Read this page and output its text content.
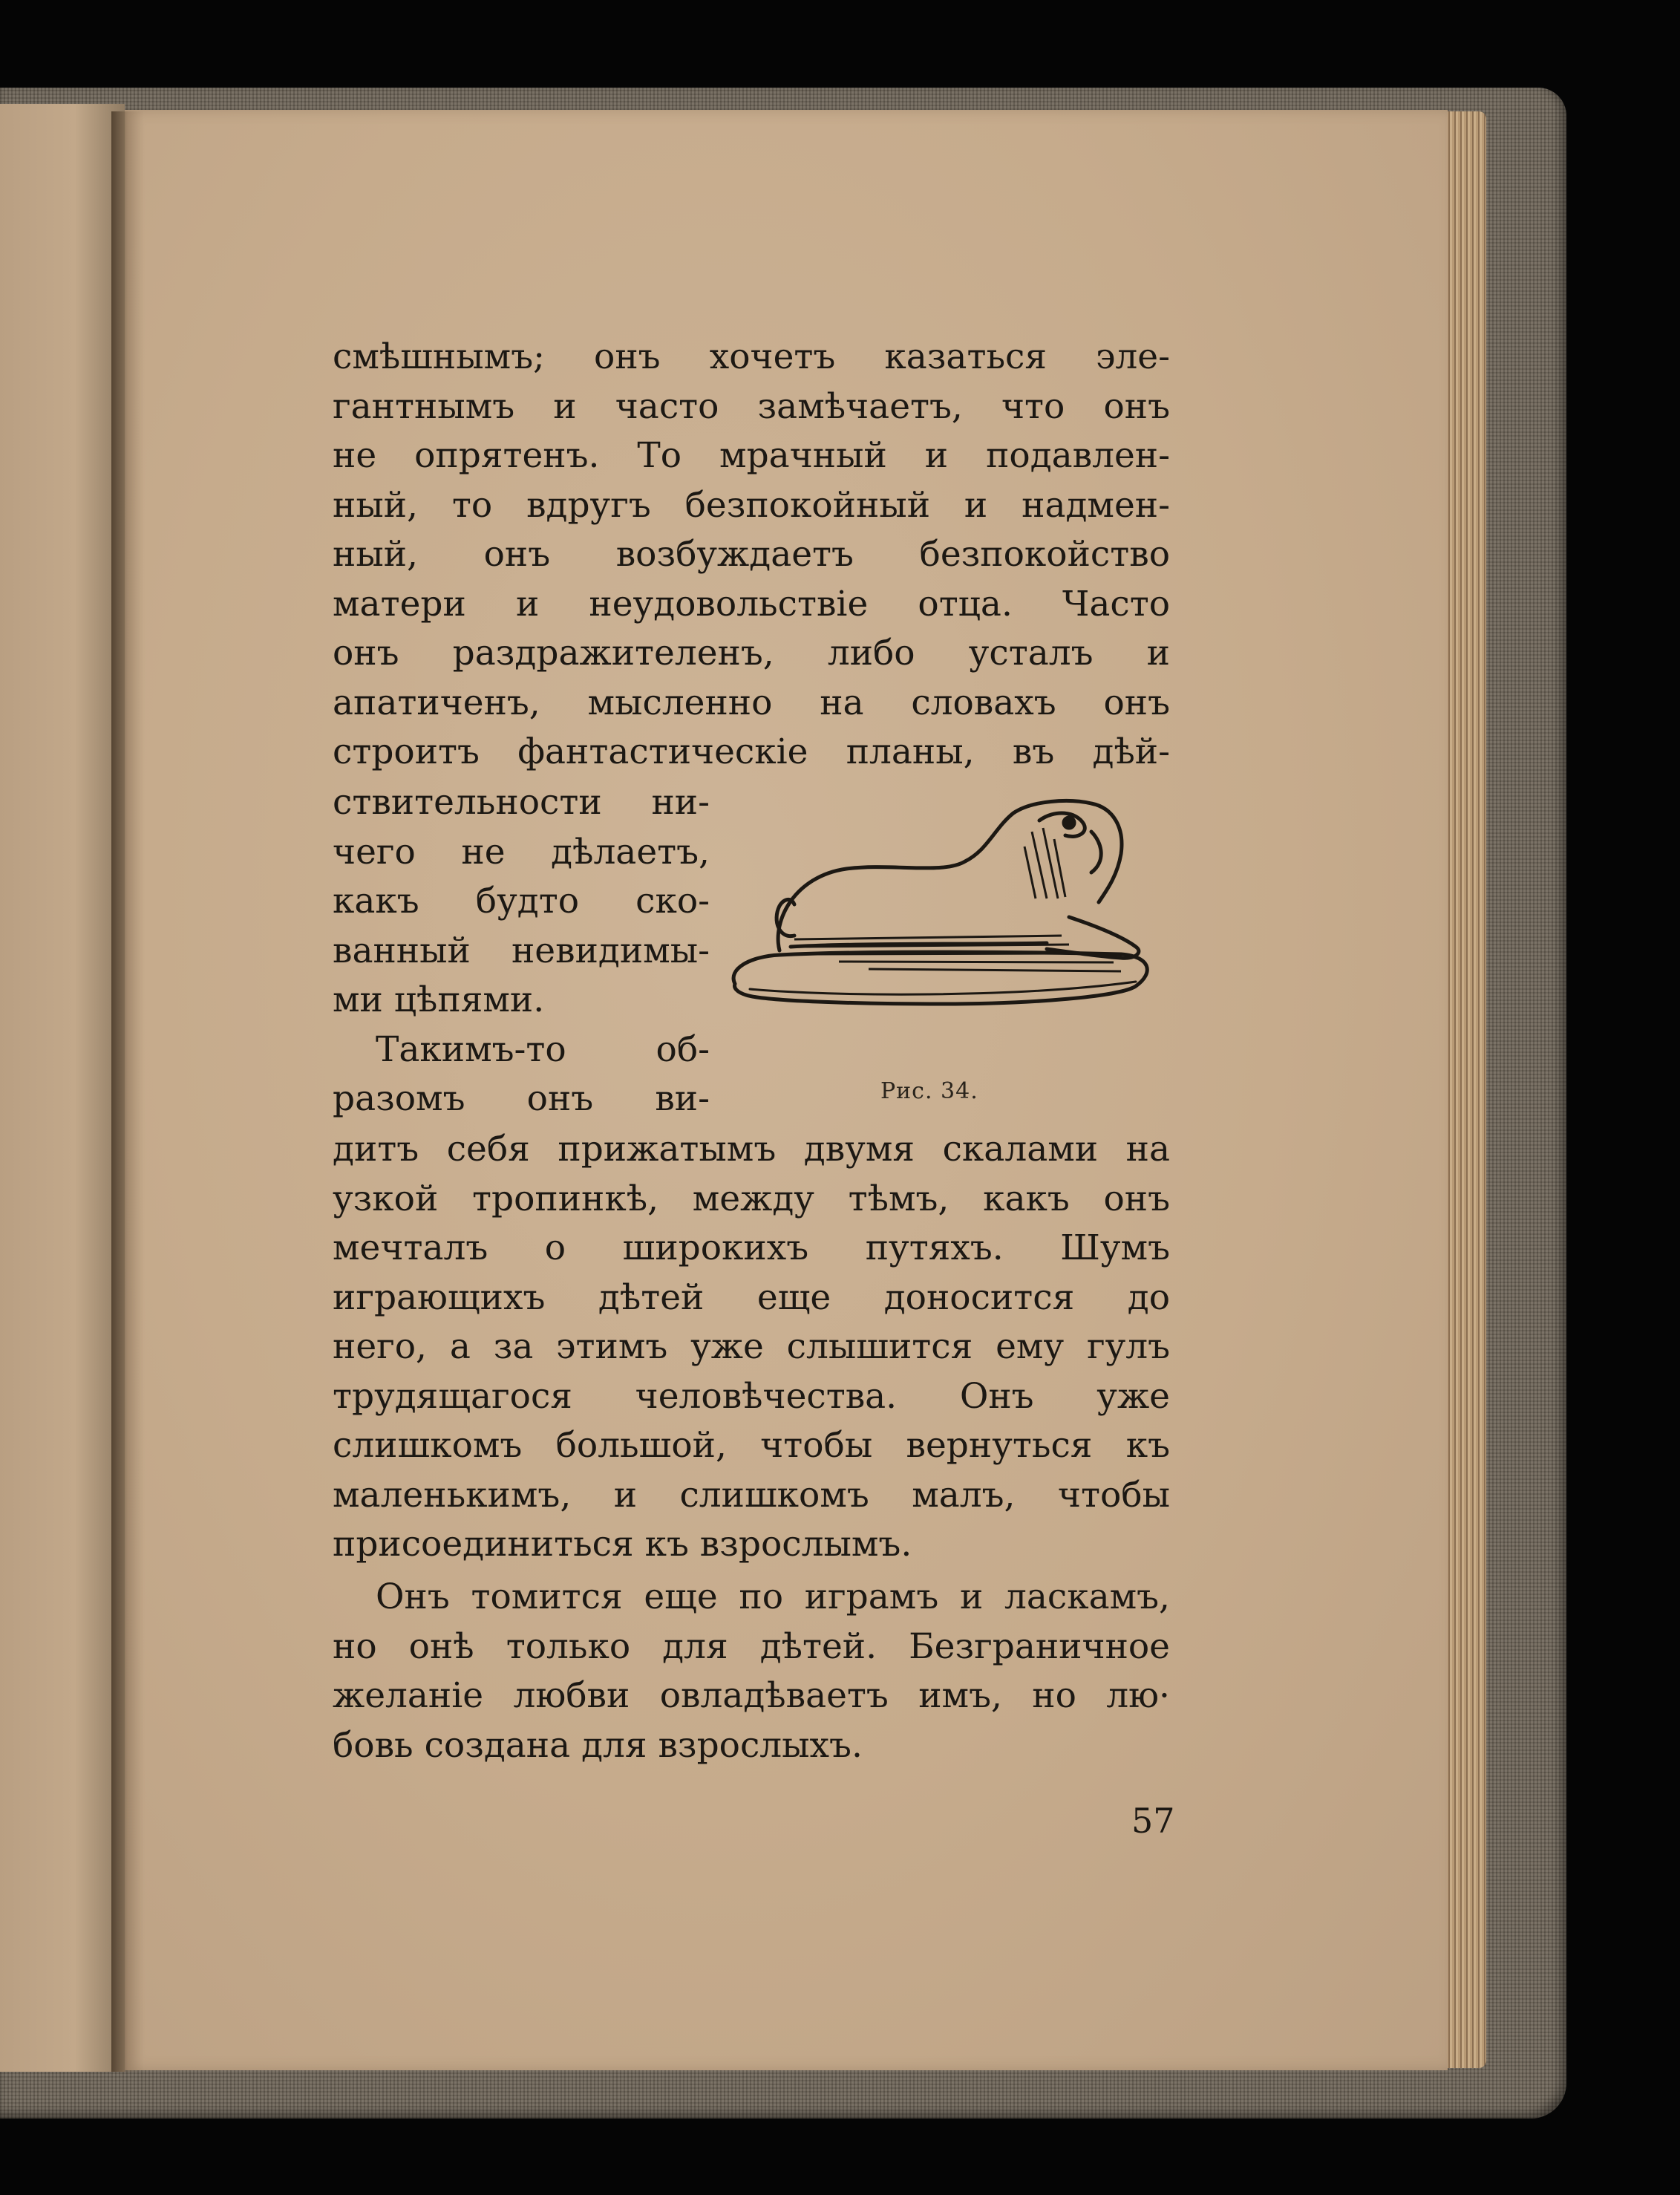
смѣшнымъ; онъ хочетъ казаться эле-
гантнымъ и часто замѣчаетъ, что онъ
не опрятенъ. То мрачный и подавлен-
ный, то вдругъ безпокойный и надмен-
ный, онъ возбуждаетъ безпокойство
матери и неудовольствіе отца. Часто
онъ раздражителенъ, либо усталъ и
апатиченъ, мысленно на словахъ онъ
строитъ фантастическіе планы, въ дѣй-
ствительности ни-
чего не дѣлаетъ,
какъ будто ско-
ванный невидимы-
ми цѣпями.
Такимъ-то об-
разомъ онъ ви-	Рис. 34.
дитъ себя прижатымъ двумя скалами на
узкой тропинкѣ, между тѣмъ, какъ онъ
мечталъ о широкихъ путяхъ. Шумъ
играющихъ дѣтей еще доносится до
него, а за этимъ уже слышится ему гулъ
трудящагося человѣчества. Онъ уже
слишкомъ большой, чтобы вернуться къ
маленькимъ, и слишкомъ малъ, чтобы
присоединиться къ взрослымъ.
Онъ томится еще по играмъ и ласкамъ,
но онѣ только для дѣтей. Безграничное
желаніе любви овладѣваетъ имъ, но лю·
бовь создана для взрослыхъ.
57
